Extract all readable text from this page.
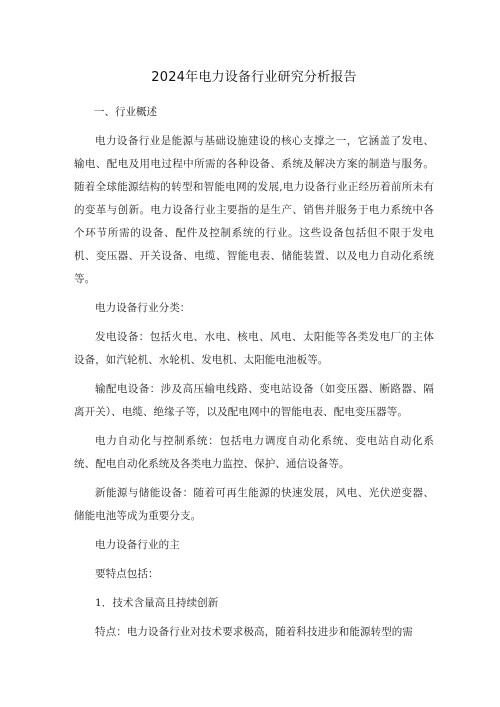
2024年电力设备行业研究分析报告
一、行业概述

电力设备行业是能源与基础设施建设的核心支撑之一，它涵盖了发电、输电、配电及用电过程中所需的各种设备、系统及解决方案的制造与服务。随着全球能源结构的转型和智能电网的发展,电力设备行业正经历着前所未有的变革与创新。电力设备行业主要指的是生产、销售并服务于电力系统中各个环节所需的设备、配件及控制系统的行业。这些设备包括但不限于发电机、变压器、开关设备、电缆、智能电表、储能装置、以及电力自动化系统等。

电力设备行业分类：

发电设备：包括火电、水电、核电、风电、太阳能等各类发电厂的主体设备，如汽轮机、水轮机、发电机、太阳能电池板等。

输配电设备：涉及高压输电线路、变电站设备（如变压器、断路器、隔离开关）、电缆、绝缘子等，以及配电网中的智能电表、配电变压器等。

电力自动化与控制系统：包括电力调度自动化系统、变电站自动化系统、配电自动化系统及各类电力监控、保护、通信设备等。

新能源与储能设备：随着可再生能源的快速发展，风电、光伏逆变器、储能电池等成为重要分支。

电力设备行业的主

要特点包括：

1．技术含量高且持续创新

特点：电力设备行业对技术要求极高，随着科技进步和能源转型的需
